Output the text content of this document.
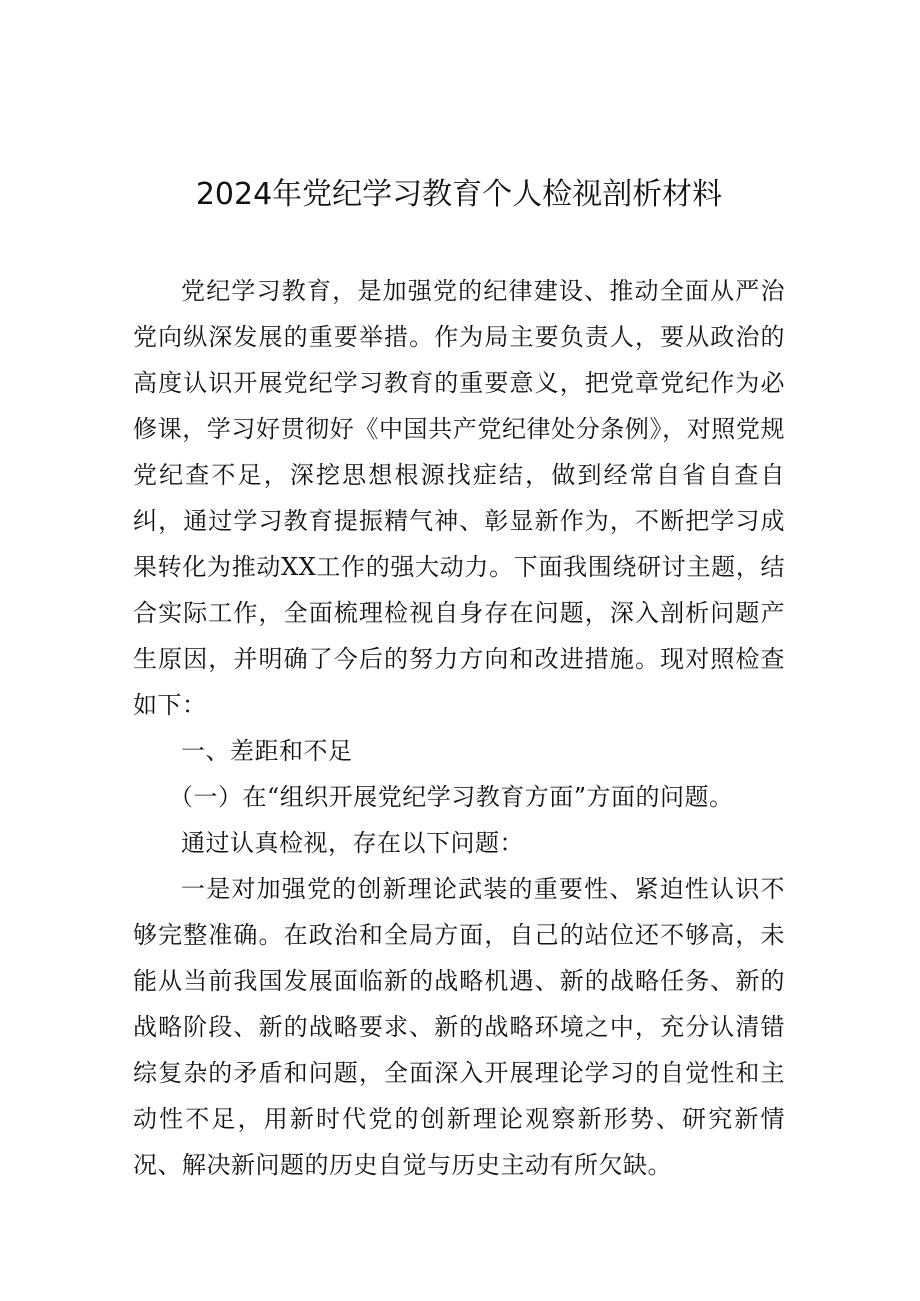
2024年党纪学习教育个人检视剖析材料

党纪学习教育，是加强党的纪律建设、推动全面从严治党向纵深发展的重要举措。作为局主要负责人，要从政治的高度认识开展党纪学习教育的重要意义，把党章党纪作为必修课，学习好贯彻好《中国共产党纪律处分条例》，对照党规党纪查不足，深挖思想根源找症结，做到经常自省自查自纠，通过学习教育提振精气神、彰显新作为，不断把学习成果转化为推动XX工作的强大动力。下面我围绕研讨主题，结合实际工作，全面梳理检视自身存在问题，深入剖析问题产生原因，并明确了今后的努力方向和改进措施。现对照检查如下：

一、差距和不足

（一）在“组织开展党纪学习教育方面”方面的问题。

通过认真检视，存在以下问题：

一是对加强党的创新理论武装的重要性、紧迫性认识不够完整准确。在政治和全局方面，自己的站位还不够高，未能从当前我国发展面临新的战略机遇、新的战略任务、新的战略阶段、新的战略要求、新的战略环境之中，充分认清错综复杂的矛盾和问题，全面深入开展理论学习的自觉性和主动性不足，用新时代党的创新理论观察新形势、研究新情况、解决新问题的历史自觉与历史主动有所欠缺。
